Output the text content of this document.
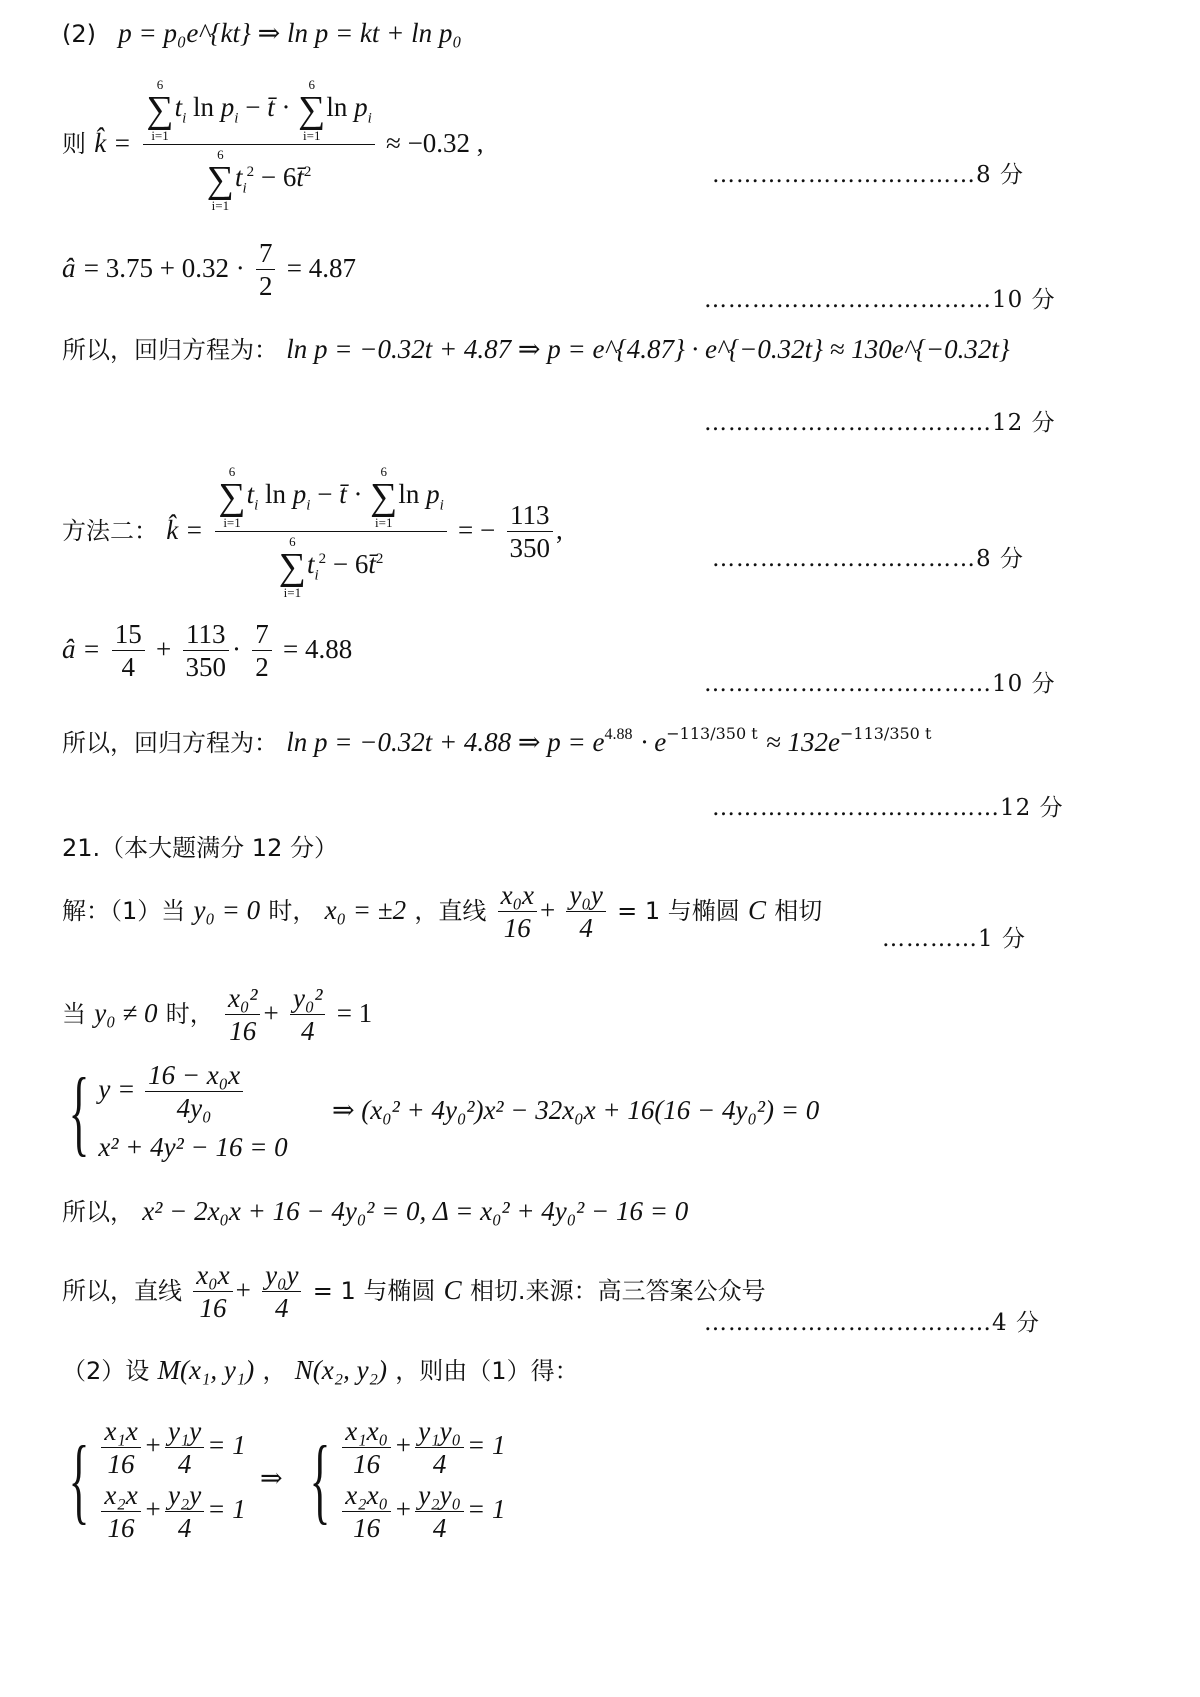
(2) p = p₀e^{kt} ⇒ ln p = kt + ln p₀
则 k̂ = 6
∑
i=1
$t_i$ $\ln p_i$ − t̄ ·
6
∑
i=1
$\ln p_i$
6
∑
i=1
$t_i^2$ − 6t̄$^2$ ≈ −0.32 ,
……………………………8 分
â = $3.75 + 0.32 \cdot \frac{7}{2} = 4.87$
………………………………10 分
所以，回归方程为： ln p = −0.32t + 4.87 ⇒ p = e^{4.87} · e^{−0.32t} ≈ 130e^{−0.32t}
………………………………12 分
方法二： k̂ = 6
∑
i=1
$t_i$ $\ln p_i$ − t̄ ·
6
∑
i=1
$\ln p_i$
6
∑
i=1
$t_i^2$ − 6t̄$^2$ = − $\frac{113}{350}$ ,
……………………………8 分
â = $\frac{15}{4} + \frac{113}{350} \cdot \frac{7}{2} = 4.88$
………………………………10 分
所以，回归方程为： ln p = −0.32t + 4.88 ⇒ $p = e^{4.88} \cdot e^{-113/350 t} \approx 132e^{-113/350 t}$
………………………………12 分
21.（本大题满分 12 分）
解：（1）当 y₀ = 0 时， x₀ = ±2 ，直线 $\frac{\text{x₀x}}{16} + \frac{\text{y₀y}}{4} = 1$ 与椭圆 C 相切
…………1 分
当 y₀ ≠ 0 时， $\frac{\text{x₀²}}{16} + \frac{\text{y₀²}}{4} = 1$
{ $y = \frac{\text{16 − x₀x}}{\text{4y₀}}$
x² + 4y² − 16 = 0
⇒ (x₀² + 4y₀²)x² − 32x₀x + 16(16 − 4y₀²) = 0
所以， x² − 2x₀x + 16 − 4y₀² = 0, Δ = x₀² + 4y₀² − 16 = 0
所以，直线 $\frac{\text{x₀x}}{16} + \frac{\text{y₀y}}{4} = 1$ 与椭圆 C 相切.来源：高三答案公众号
………………………………4 分
（2）设 M(x₁, y₁) ， N(x₂, y₂) ，则由（1）得：
{ $\frac{\text{x₁x}}{16} + \frac{\text{y₁y}}{4} = 1$
$\frac{\text{x₂x}}{16} + \frac{\text{y₂y}}{4} = 1$
⇒ { $\frac{\text{x₁x₀}}{16} + \frac{\text{y₁y₀}}{4} = 1$
$\frac{\text{x₂x₀}}{16} + \frac{\text{y₂y₀}}{4} = 1$
